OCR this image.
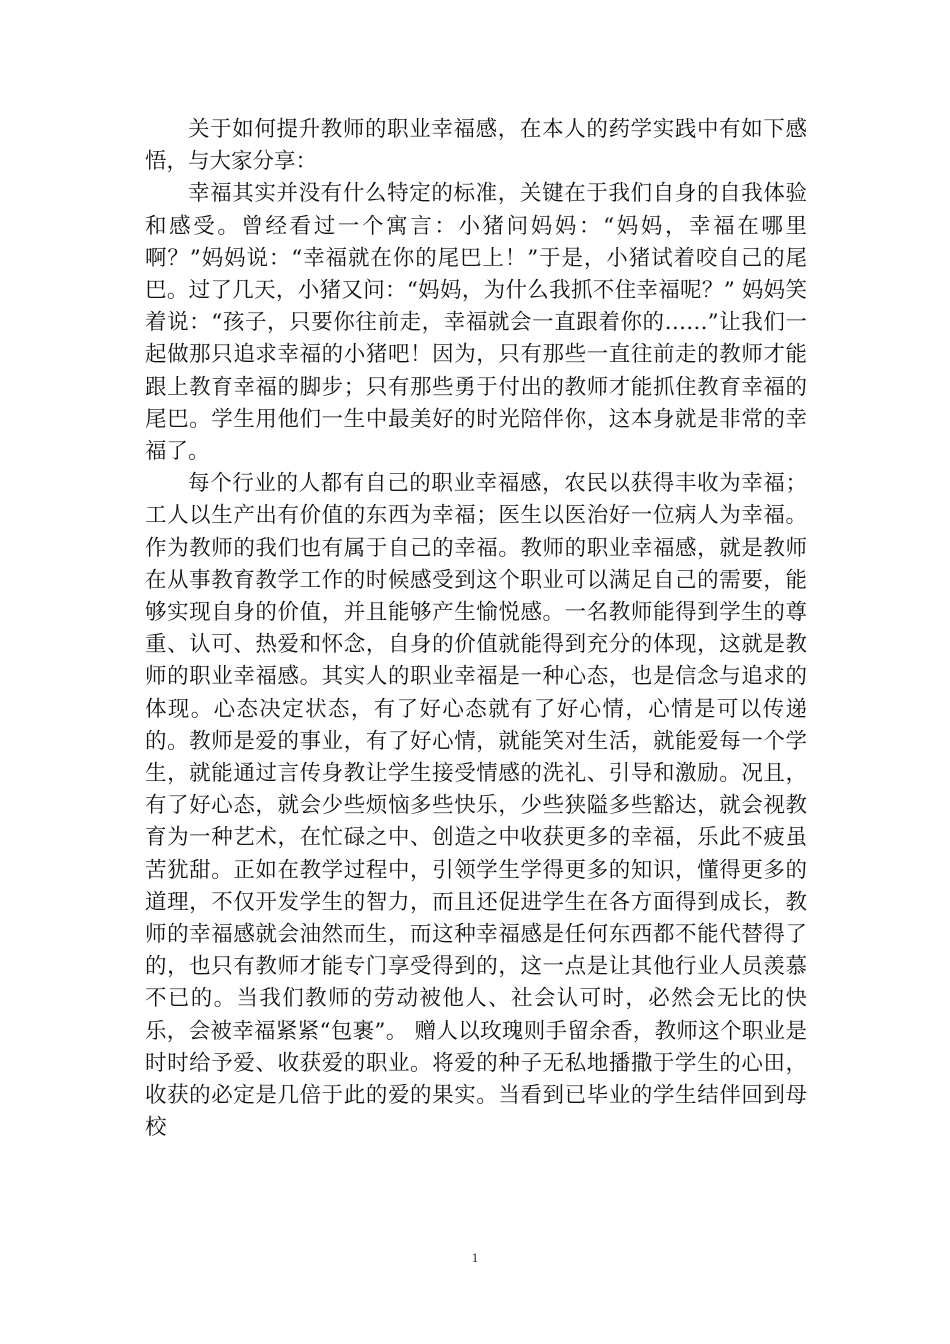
关于如何提升教师的职业幸福感，在本人的药学实践中有如下感悟，与大家分享：

幸福其实并没有什么特定的标准，关键在于我们自身的自我体验和感受。曾经看过一个寓言：小猪问妈妈：“妈妈，幸福在哪里啊？”妈妈说：“幸福就在你的尾巴上！”于是，小猪试着咬自己的尾巴。过了几天，小猪又问：“妈妈，为什么我抓不住幸福呢？” 妈妈笑着说：“孩子，只要你往前走，幸福就会一直跟着你的……”让我们一起做那只追求幸福的小猪吧！因为，只有那些一直往前走的教师才能跟上教育幸福的脚步；只有那些勇于付出的教师才能抓住教育幸福的尾巴。学生用他们一生中最美好的时光陪伴你，这本身就是非常的幸福了。

每个行业的人都有自己的职业幸福感，农民以获得丰收为幸福；工人以生产出有价值的东西为幸福；医生以医治好一位病人为幸福。作为教师的我们也有属于自己的幸福。教师的职业幸福感，就是教师在从事教育教学工作的时候感受到这个职业可以满足自己的需要，能够实现自身的价值，并且能够产生愉悦感。一名教师能得到学生的尊重、认可、热爱和怀念，自身的价值就能得到充分的体现，这就是教师的职业幸福感。其实人的职业幸福是一种心态，也是信念与追求的体现。心态决定状态，有了好心态就有了好心情，心情是可以传递的。教师是爱的事业，有了好心情，就能笑对生活，就能爱每一个学生，就能通过言传身教让学生接受情感的洗礼、引导和激励。况且，有了好心态，就会少些烦恼多些快乐，少些狭隘多些豁达，就会视教育为一种艺术，在忙碌之中、创造之中收获更多的幸福，乐此不疲虽苦犹甜。正如在教学过程中，引领学生学得更多的知识，懂得更多的道理，不仅开发学生的智力，而且还促进学生在各方面得到成长，教师的幸福感就会油然而生，而这种幸福感是任何东西都不能代替得了的，也只有教师才能专门享受得到的，这一点是让其他行业人员羡慕不已的。当我们教师的劳动被他人、社会认可时，必然会无比的快乐，会被幸福紧紧“包裹”。 赠人以玫瑰则手留余香，教师这个职业是时时给予爱、收获爱的职业。将爱的种子无私地播撒于学生的心田，收获的必定是几倍于此的爱的果实。当看到已毕业的学生结伴回到母校

1
